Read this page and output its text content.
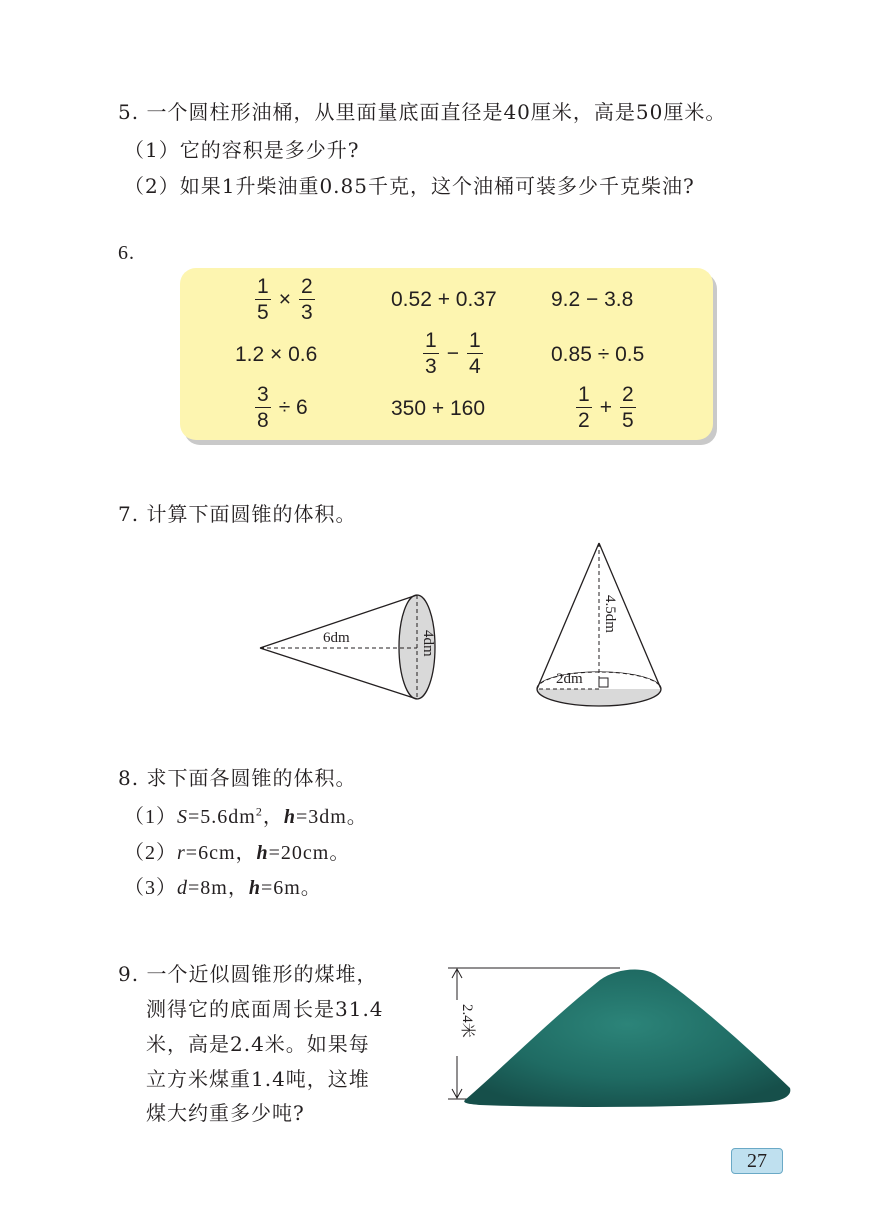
5. 一个圆柱形油桶，从里面量底面直径是40厘米，高是50厘米。
（1）它的容积是多少升?
（2）如果1升柴油重0.85千克，这个油桶可装多少千克柴油?
6.
$\frac{1}{5} \times \frac{2}{3}$	0.52 + 0.37	9.2 − 3.8
1.2 × 0.6	$\frac{1}{3} - \frac{1}{4}$	0.85 ÷ 0.5
$\frac{3}{8} \div 6$	350 + 160	$\frac{1}{2} + \frac{2}{5}$
7. 计算下面圆锥的体积。
6dm	4dm
4.5dm
2dm
8. 求下面各圆锥的体积。
$(1)S=5.6dm^2$，h=3dm。
（2）r=6cm，h=20cm。
（3）d=8m，h=6m。
9. 一个近似圆锥形的煤堆，
测得它的底面周长是31.4
米，高是2.4米。如果每
立方米煤重1.4吨，这堆
煤大约重多少吨?
2.4米
27
